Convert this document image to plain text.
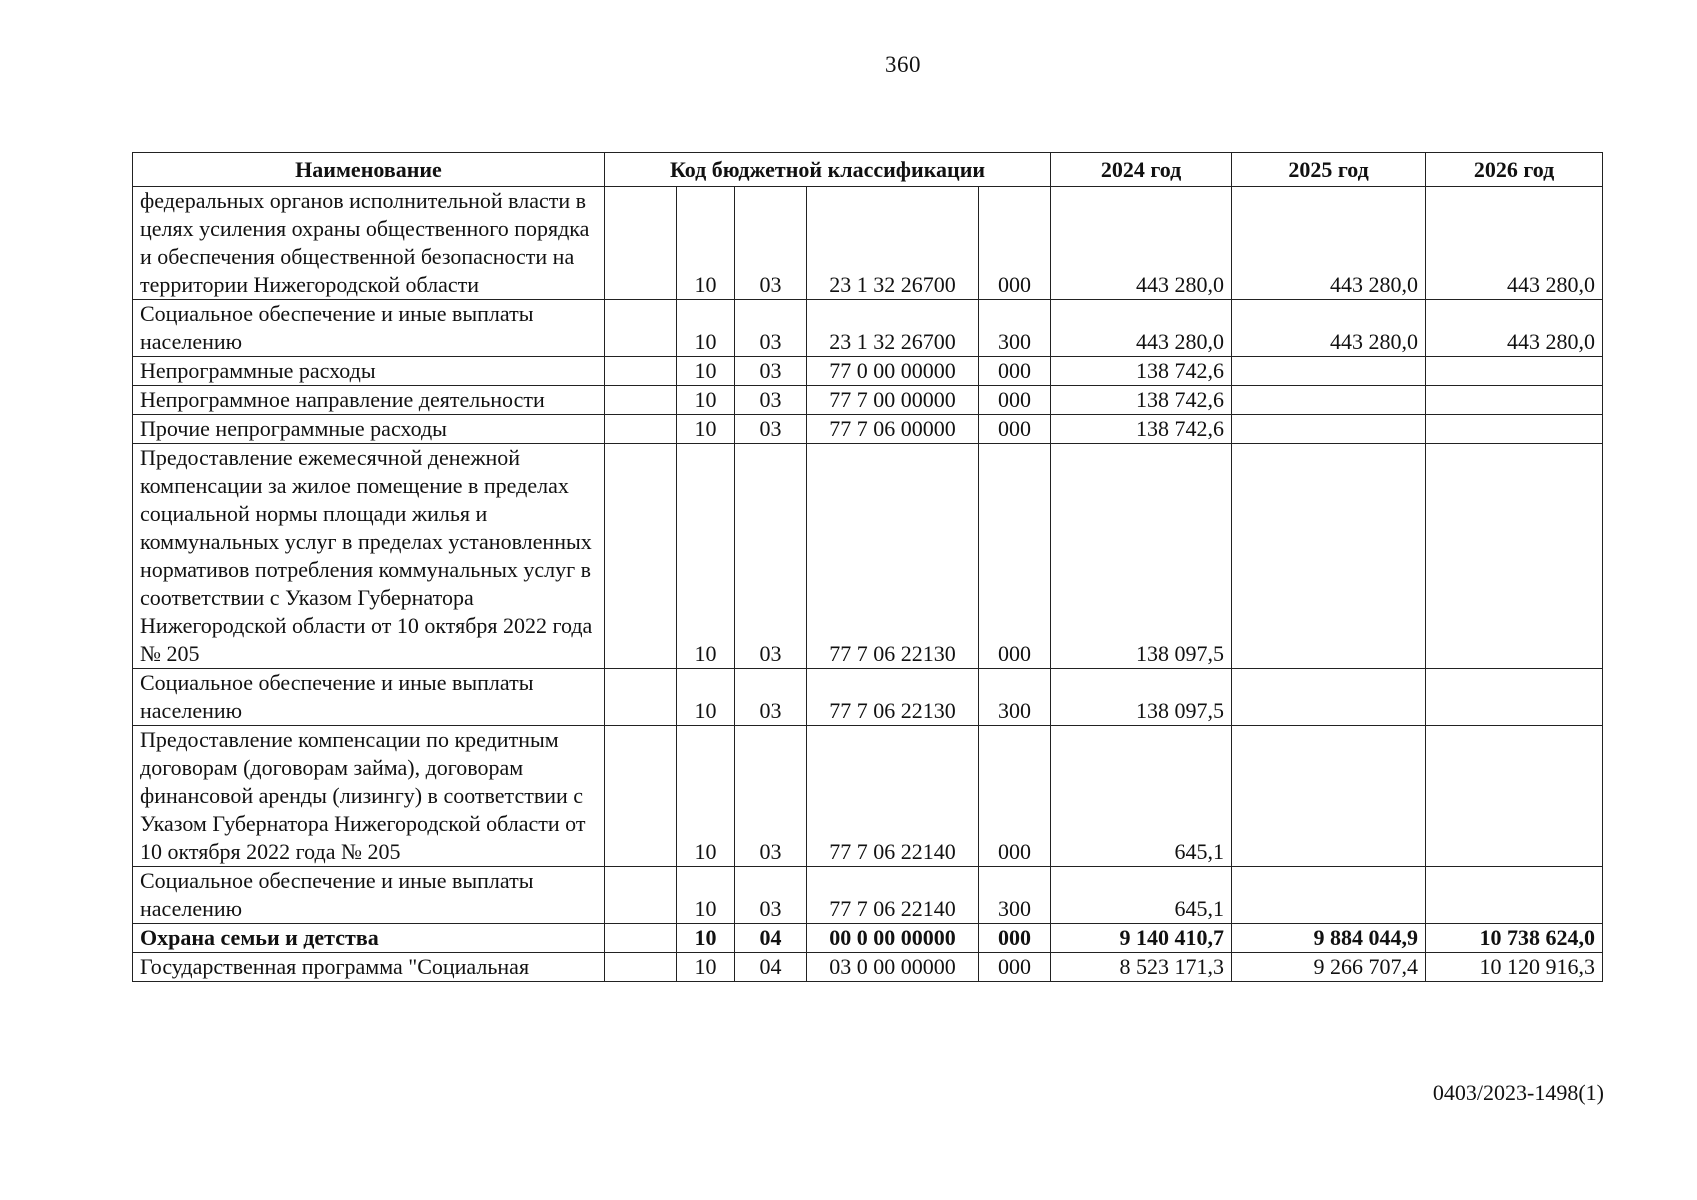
360
Наименование	Код бюджетной классификации					2024 год	2025 год	2026 год
федеральных органов исполнительной власти в целях усиления охраны общественного порядка и обеспечения общественной безопасности на территории Нижегородской области		10	03	23 1 32 26700	000	443 280,0	443 280,0	443 280,0
Социальное обеспечение и иные выплаты населению		10	03	23 1 32 26700	300	443 280,0	443 280,0	443 280,0
Непрограммные расходы		10	03	77 0 00 00000	000	138 742,6		
Непрограммное направление деятельности		10	03	77 7 00 00000	000	138 742,6		
Прочие непрограммные расходы		10	03	77 7 06 00000	000	138 742,6		
Предоставление ежемесячной денежной компенсации за жилое помещение в пределах социальной нормы площади жилья и коммунальных услуг в пределах установленных нормативов потребления коммунальных услуг в соответствии с Указом Губернатора Нижегородской области от 10 октября 2022 года № 205		10	03	77 7 06 22130	000	138 097,5		
Социальное обеспечение и иные выплаты населению		10	03	77 7 06 22130	300	138 097,5		
Предоставление компенсации по кредитным договорам (договорам займа), договорам финансовой аренды (лизингу) в соответствии с Указом Губернатора Нижегородской области от 10 октября 2022 года № 205		10	03	77 7 06 22140	000	645,1		
Социальное обеспечение и иные выплаты населению		10	03	77 7 06 22140	300	645,1		
Охрана семьи и детства		10	04	00 0 00 00000	000	9 140 410,7	9 884 044,9	10 738 624,0
Государственная программа "Социальная		10	04	03 0 00 00000	000	8 523 171,3	9 266 707,4	10 120 916,3
0403/2023-1498(1)
